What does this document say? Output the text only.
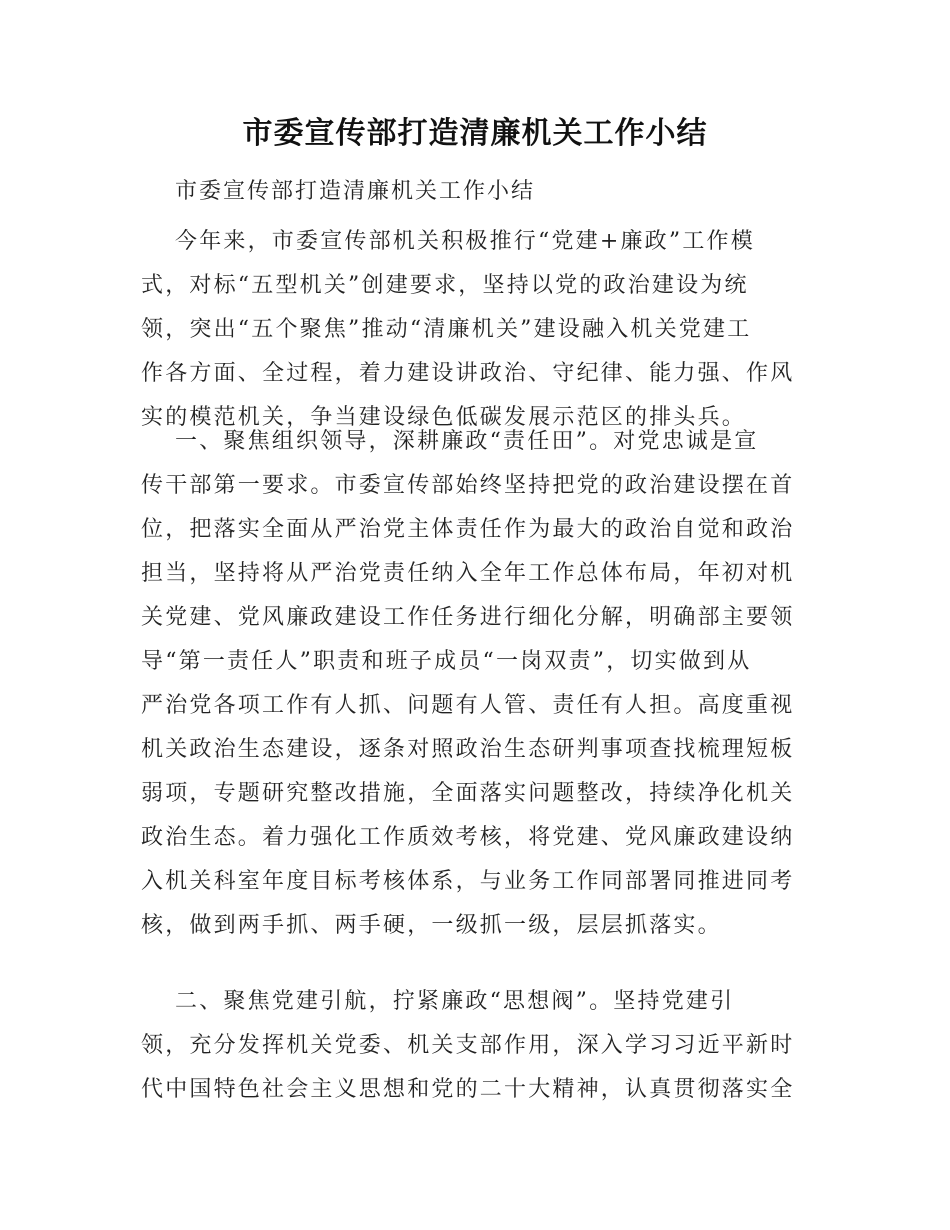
市委宣传部打造清廉机关工作小结

市委宣传部打造清廉机关工作小结

今年来，市委宣传部机关积极推行“党建+廉政”工作模
式，对标“五型机关”创建要求，坚持以党的政治建设为统
领，突出“五个聚焦”推动“清廉机关”建设融入机关党建工
作各方面、全过程，着力建设讲政治、守纪律、能力强、作风
实的模范机关，争当建设绿色低碳发展示范区的排头兵。
一、聚焦组织领导，深耕廉政“责任田”。对党忠诚是宣
传干部第一要求。市委宣传部始终坚持把党的政治建设摆在首
位，把落实全面从严治党主体责任作为最大的政治自觉和政治
担当，坚持将从严治党责任纳入全年工作总体布局，年初对机
关党建、党风廉政建设工作任务进行细化分解，明确部主要领
导“第一责任人”职责和班子成员“一岗双责”，切实做到从
严治党各项工作有人抓、问题有人管、责任有人担。高度重视
机关政治生态建设，逐条对照政治生态研判事项查找梳理短板
弱项，专题研究整改措施，全面落实问题整改，持续净化机关
政治生态。着力强化工作质效考核，将党建、党风廉政建设纳
入机关科室年度目标考核体系，与业务工作同部署同推进同考
核，做到两手抓、两手硬，一级抓一级，层层抓落实。
二、聚焦党建引航，拧紧廉政“思想阀”。坚持党建引
领，充分发挥机关党委、机关支部作用，深入学习习近平新时
代中国特色社会主义思想和党的二十大精神，认真贯彻落实全
